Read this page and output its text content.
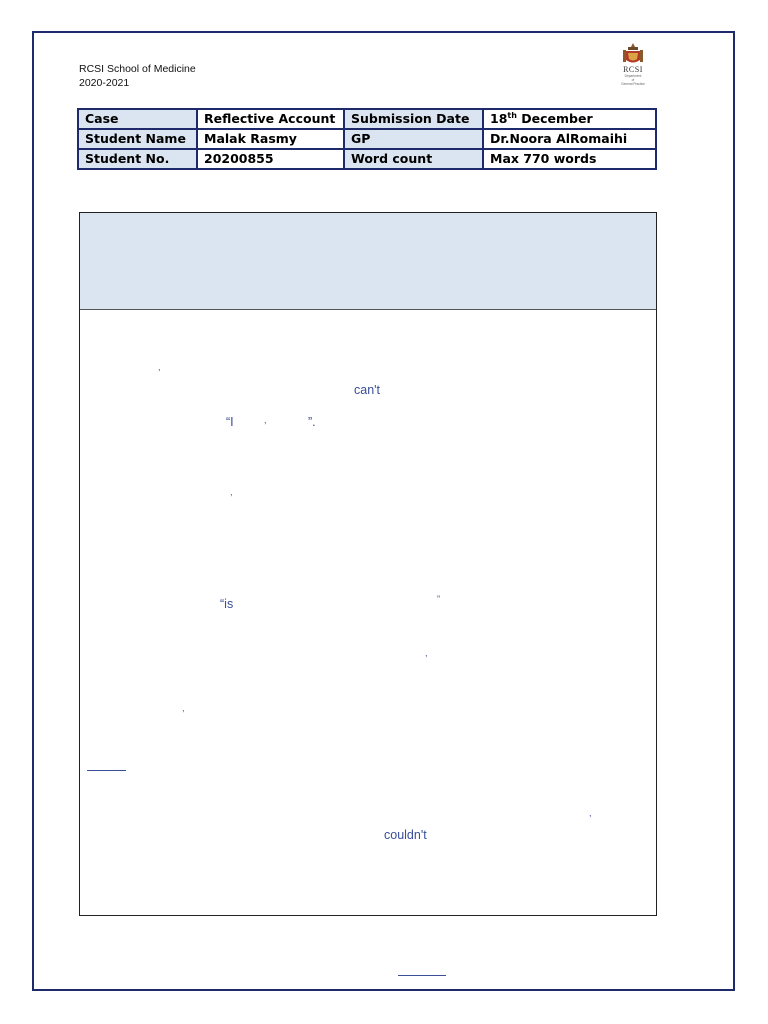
RCSI School of Medicine
2020-2021
RCSI
Department
of
General Practice
Case	Reflective Account	Submission Date	18th December
Student Name	Malak Rasmy	GP	Dr.Noora AlRomaihi
Student No.	20200855	Word count	Max 770 words
,
can't
“I	,	”.
,
“is	”
,
,
,
couldn't
